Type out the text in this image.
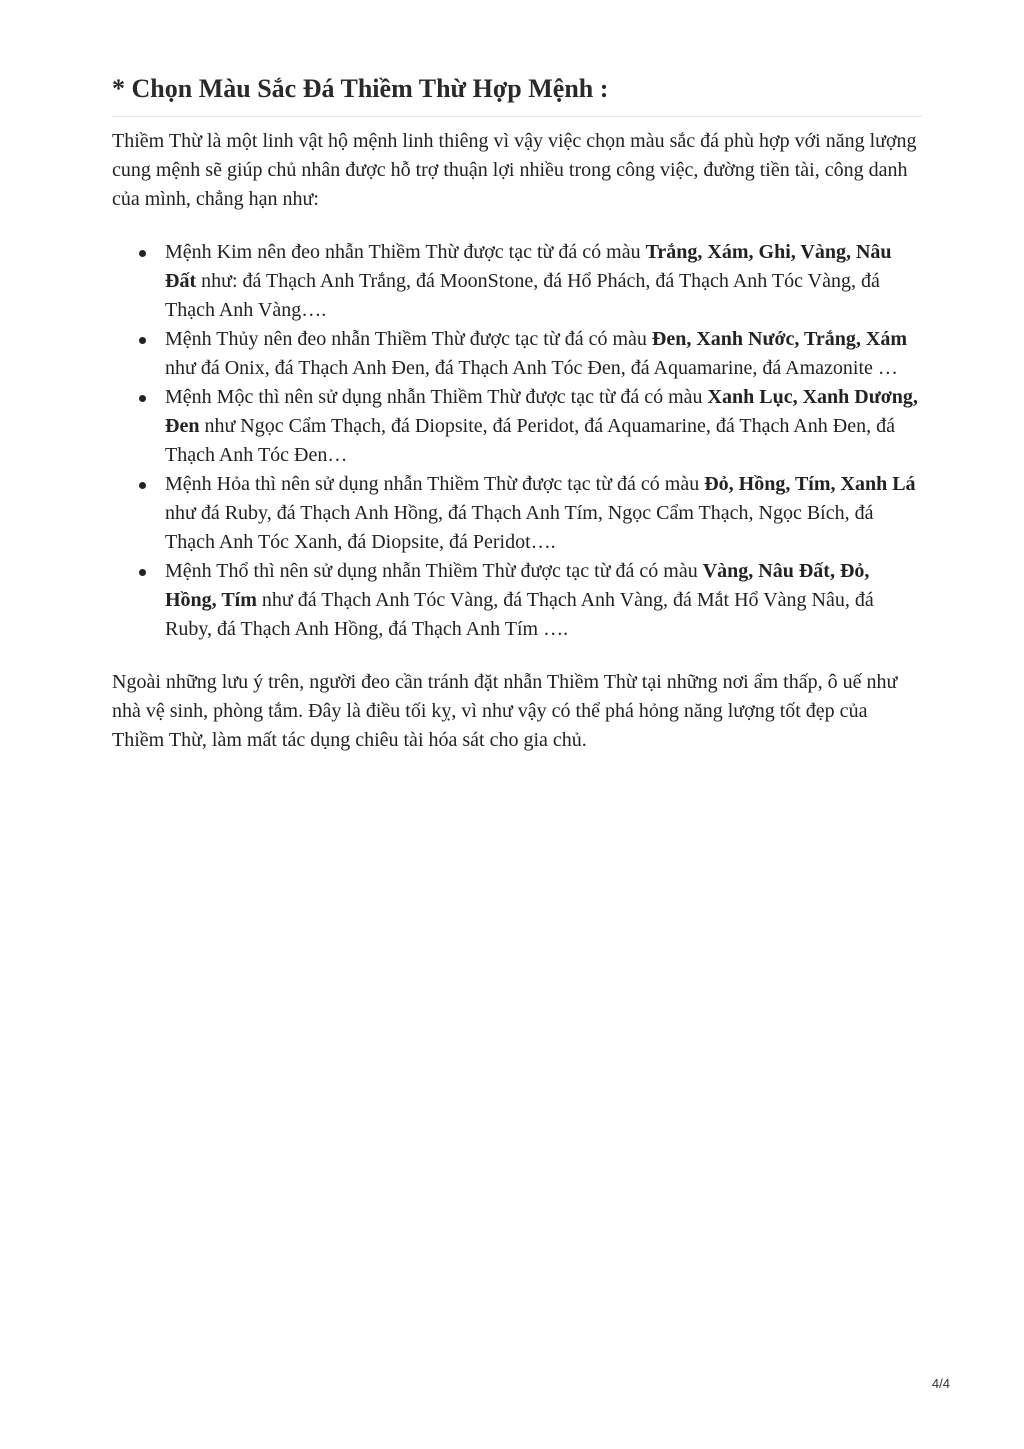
* Chọn Màu Sắc Đá Thiềm Thừ Hợp Mệnh :

Thiềm Thừ là một linh vật hộ mệnh linh thiêng vì vậy việc chọn màu sắc đá phù hợp với năng lượng cung mệnh sẽ giúp chủ nhân được hỗ trợ thuận lợi nhiều trong công việc, đường tiền tài, công danh của mình, chẳng hạn như:

Mệnh Kim nên đeo nhẫn Thiềm Thừ được tạc từ đá có màu Trắng, Xám, Ghi, Vàng, Nâu Đất như: đá Thạch Anh Trắng, đá MoonStone, đá Hổ Phách, đá Thạch Anh Tóc Vàng, đá Thạch Anh Vàng….
Mệnh Thủy nên đeo nhẫn Thiềm Thừ được tạc từ đá có màu Đen, Xanh Nước, Trắng, Xám như đá Onix, đá Thạch Anh Đen, đá Thạch Anh Tóc Đen, đá Aquamarine, đá Amazonite …
Mệnh Mộc thì nên sử dụng nhẫn Thiềm Thừ được tạc từ đá có màu Xanh Lục, Xanh Dương, Đen như Ngọc Cẩm Thạch, đá Diopsite, đá Peridot, đá Aquamarine, đá Thạch Anh Đen, đá Thạch Anh Tóc Đen…
Mệnh Hỏa thì nên sử dụng nhẫn Thiềm Thừ được tạc từ đá có màu Đỏ, Hồng, Tím, Xanh Lá như đá Ruby, đá Thạch Anh Hồng, đá Thạch Anh Tím, Ngọc Cẩm Thạch, Ngọc Bích, đá Thạch Anh Tóc Xanh, đá Diopsite, đá Peridot….
Mệnh Thổ thì nên sử dụng nhẫn Thiềm Thừ được tạc từ đá có màu Vàng, Nâu Đất, Đỏ, Hồng, Tím như đá Thạch Anh Tóc Vàng, đá Thạch Anh Vàng, đá Mắt Hổ Vàng Nâu, đá Ruby, đá Thạch Anh Hồng, đá Thạch Anh Tím ….

Ngoài những lưu ý trên, người đeo cần tránh đặt nhẫn Thiềm Thừ tại những nơi ẩm thấp, ô uế như nhà vệ sinh, phòng tắm. Đây là điều tối kỵ, vì như vậy có thể phá hỏng năng lượng tốt đẹp của Thiềm Thừ, làm mất tác dụng chiêu tài hóa sát cho gia chủ.

4/4
